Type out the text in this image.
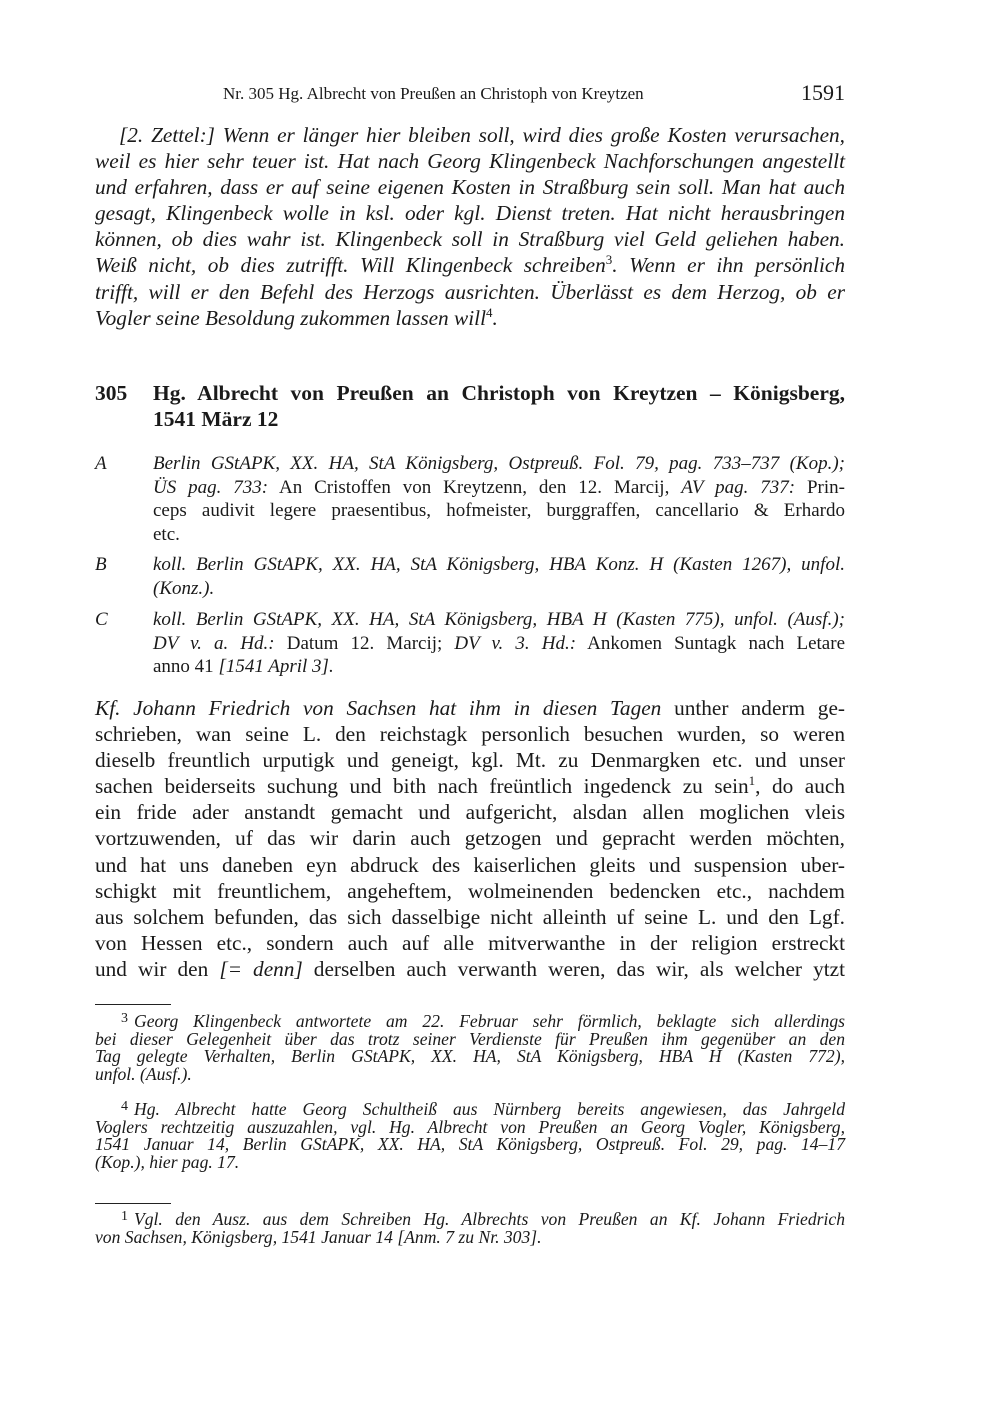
Nr. 305 Hg. Albrecht von Preußen an Christoph von Kreytzen	1591
[2. Zettel:] Wenn er länger hier bleiben soll, wird dies große Kosten verursachen,
weil es hier sehr teuer ist. Hat nach Georg Klingenbeck Nachforschungen angestellt
und erfahren, dass er auf seine eigenen Kosten in Straßburg sein soll. Man hat auch
gesagt, Klingenbeck wolle in ksl. oder kgl. Dienst treten. Hat nicht herausbringen
können, ob dies wahr ist. Klingenbeck soll in Straßburg viel Geld geliehen haben.
Weiß nicht, ob dies zutrifft. Will Klingenbeck schreiben$^3$. Wenn er ihn persönlich
trifft, will er den Befehl des Herzogs ausrichten. Überlässt es dem Herzog, ob er
Vogler seine Besoldung zukommen lassen will$^4$.
305 Hg. Albrecht von Preußen an Christoph von Kreytzen – Königsberg,
1541 März 12
A Berlin GStAPK, XX. HA, StA Königsberg, Ostpreuß. Fol. 79, pag. 733–737 (Kop.);
ÜS pag. 733: An Cristoffen von Kreytzenn, den 12. Marcij, AV pag. 737: Prin-
ceps audivit legere praesentibus, hofmeister, burggraffen, cancellario & Erhardo
etc.
B koll. Berlin GStAPK, XX. HA, StA Königsberg, HBA Konz. H (Kasten 1267), unfol.
(Konz.).
C koll. Berlin GStAPK, XX. HA, StA Königsberg, HBA H (Kasten 775), unfol. (Ausf.);
DV v. a. Hd.: Datum 12. Marcij; DV v. 3. Hd.: Ankomen Suntagk nach Letare
anno 41 [1541 April 3].
Kf. Johann Friedrich von Sachsen hat ihm in diesen Tagen unther anderm ge-
schrieben, wan seine L. den reichstagk personlich besuchen wurden, so weren
dieselb freuntlich urputigk und geneigt, kgl. Mt. zu Denmargken etc. und unser
sachen beiderseits suchung und bith nach freüntlich ingedenck zu sein$^1$, do auch
ein fride ader anstandt gemacht und aufgericht, alsdan allen moglichen vleis
vortzuwenden, uf das wir darin auch getzogen und gepracht werden möchten,
und hat uns daneben eyn abdruck des kaiserlichen gleits und suspension uber-
schigkt mit freuntlichem, angeheftem, wolmeinenden bedencken etc., nachdem
aus solchem befunden, das sich dasselbige nicht alleinth uf seine L. und den Lgf.
von Hessen etc., sondern auch auf alle mitverwanthe in der religion erstreckt
und wir den [= denn] derselben auch verwanth weren, das wir, als welcher ytzt
$^3$ Georg Klingenbeck antwortete am 22. Februar sehr förmlich, beklagte sich allerdings
bei dieser Gelegenheit über das trotz seiner Verdienste für Preußen ihm gegenüber an den
Tag gelegte Verhalten, Berlin GStAPK, XX. HA, StA Königsberg, HBA H (Kasten 772),
unfol. (Ausf.).
$^4$ Hg. Albrecht hatte Georg Schultheiß aus Nürnberg bereits angewiesen, das Jahrgeld
Voglers rechtzeitig auszuzahlen, vgl. Hg. Albrecht von Preußen an Georg Vogler, Königsberg,
1541 Januar 14, Berlin GStAPK, XX. HA, StA Königsberg, Ostpreuß. Fol. 29, pag. 14–17
(Kop.), hier pag. 17.
$^1$ Vgl. den Ausz. aus dem Schreiben Hg. Albrechts von Preußen an Kf. Johann Friedrich
von Sachsen, Königsberg, 1541 Januar 14 [Anm. 7 zu Nr. 303].
